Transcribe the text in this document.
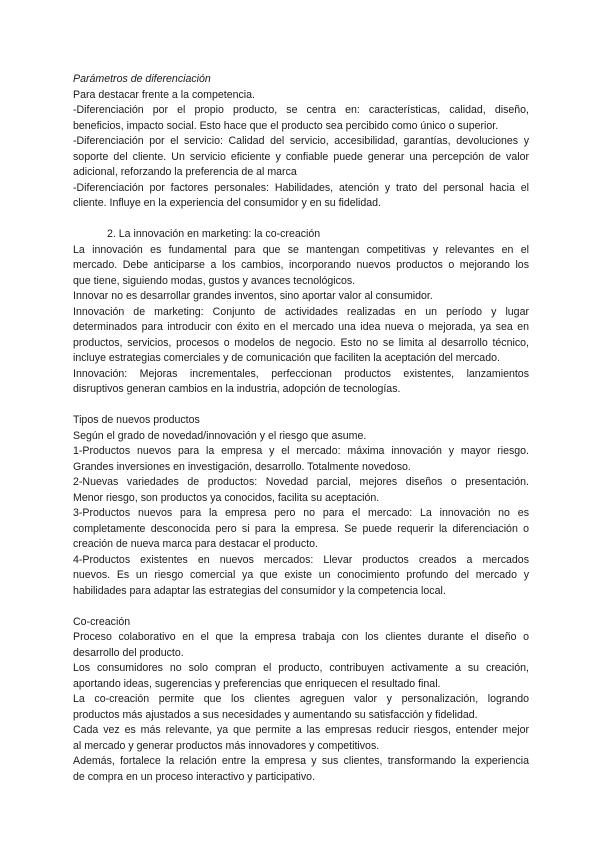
Parámetros de diferenciación

Para destacar frente a la competencia.

-Diferenciación por el propio producto, se centra en: características, calidad, diseño,

beneficios, impacto social. Esto hace que el producto sea percibido como único o superior.

-Diferenciación por el servicio: Calidad del servicio, accesibilidad, garantías, devoluciones y

soporte del cliente. Un servicio eficiente y confiable puede generar una percepción de valor

adicional, reforzando la preferencia de al marca

-Diferenciación por factores personales: Habilidades, atención y trato del personal hacia el

cliente. Influye en la experiencia del consumidor y en su fidelidad.

2. La innovación en marketing: la co-creación

La innovación es fundamental para que se mantengan competitivas y relevantes en el

mercado. Debe anticiparse a los cambios, incorporando nuevos productos o mejorando los

que tiene, siguiendo modas, gustos y avances tecnológicos.

Innovar no es desarrollar grandes inventos, sino aportar valor al consumidor.

Innovación de marketing: Conjunto de actividades realizadas en un período y lugar

determinados para introducir con éxito en el mercado una idea nueva o mejorada, ya sea en

productos, servicios, procesos o modelos de negocio. Esto no se limita al desarrollo técnico,

incluye estrategias comerciales y de comunicación que faciliten la aceptación del mercado.

Innovación: Mejoras incrementales, perfeccionan productos existentes, lanzamientos

disruptivos generan cambios en la industria, adopción de tecnologías.

Tipos de nuevos productos

Según el grado de novedad/innovación y el riesgo que asume.

1-Productos nuevos para la empresa y el mercado: máxima innovación y mayor riesgo.

Grandes inversiones en investigación, desarrollo. Totalmente novedoso.

2-Nuevas variedades de productos: Novedad parcial, mejores diseños o presentación.

Menor riesgo, son productos ya conocidos, facilita su aceptación.

3-Productos nuevos para la empresa pero no para el mercado: La innovación no es

completamente desconocida pero si para la empresa. Se puede requerir la diferenciación o

creación de nueva marca para destacar el producto.

4-Productos existentes en nuevos mercados: Llevar productos creados a mercados

nuevos. Es un riesgo comercial ya que existe un conocimiento profundo del mercado y

habilidades para adaptar las estrategias del consumidor y la competencia local.

Co-creación

Proceso colaborativo en el que la empresa trabaja con los clientes durante el diseño o

desarrollo del producto.

Los consumidores no solo compran el producto, contribuyen activamente a su creación,

aportando ideas, sugerencias y preferencias que enriquecen el resultado final.

La co-creación permite que los clientes agreguen valor y personalización, logrando

productos más ajustados a sus necesidades y aumentando su satisfacción y fidelidad.

Cada vez es más relevante, ya que permite a las empresas reducir riesgos, entender mejor

al mercado y generar productos más innovadores y competitivos.

Además, fortalece la relación entre la empresa y sus clientes, transformando la experiencia

de compra en un proceso interactivo y participativo.
